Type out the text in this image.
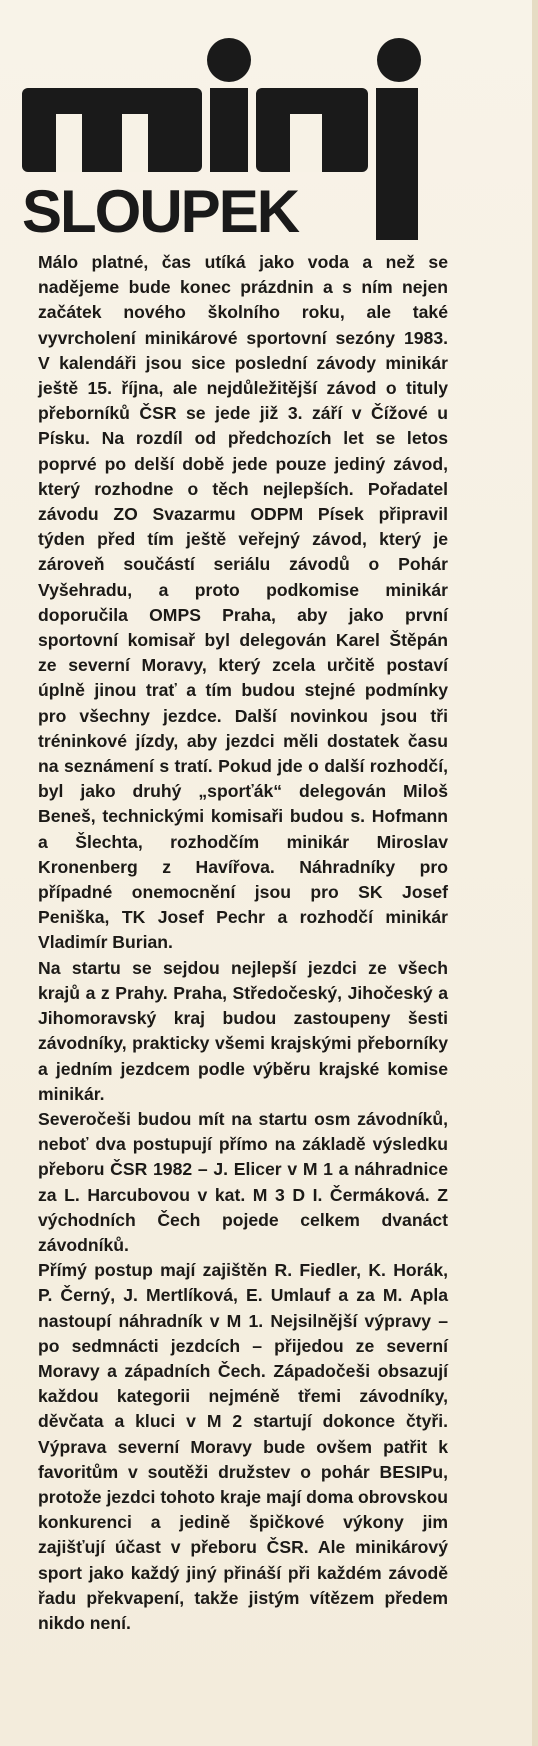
SLOUPEK

Málo platné, čas utíká jako voda a než se nadějeme bude konec prázdnin a s ním nejen začátek nového školního roku, ale také vyvrcholení minikárové sportovní sezóny 1983. V kalendáři jsou sice poslední závody minikár ještě 15. října, ale nejdůležitější závod o tituly přeborníků ČSR se jede již 3. září v Čížové u Písku. Na rozdíl od předchozích let se letos poprvé po delší době jede pouze jediný závod, který rozhodne o těch nejlepších. Pořadatel závodu ZO Svazarmu ODPM Písek připravil týden před tím ještě veřejný závod, který je zároveň součástí seriálu závodů o Pohár Vyšehradu, a proto podkomise minikár doporučila OMPS Praha, aby jako první sportovní komisař byl delegován Karel Štěpán ze severní Moravy, který zcela určitě postaví úplně jinou trať a tím budou stejné podmínky pro všechny jezdce. Další novinkou jsou tři tréninkové jízdy, aby jezdci měli dostatek času na seznámení s tratí. Pokud jde o další rozhodčí, byl jako druhý „sporťák“ delegován Miloš Beneš, technickými komisaři budou s. Hofmann a Šlechta, rozhodčím minikár Miroslav Kronenberg z Havířova. Náhradníky pro případné onemocnění jsou pro SK Josef Peniška, TK Josef Pechr a rozhodčí minikár Vladimír Burian.

Na startu se sejdou nejlepší jezdci ze všech krajů a z Prahy. Praha, Středočeský, Jihočeský a Jihomoravský kraj budou zastoupeny šesti závodníky, prakticky všemi krajskými přeborníky a jedním jezdcem podle výběru krajské komise minikár.

Severočeši budou mít na startu osm závodníků, neboť dva postupují přímo na základě výsledku přeboru ČSR 1982 – J. Elicer v M 1 a náhradnice za L. Harcubovou v kat. M 3 D I. Čermáková. Z východních Čech pojede celkem dvanáct závodníků.

Přímý postup mají zajištěn R. Fiedler, K. Horák, P. Černý, J. Mertlíková, E. Umlauf a za M. Apla nastoupí náhradník v M 1. Nejsilnější výpravy – po sedmnácti jezdcích – přijedou ze severní Moravy a západních Čech. Západočeši obsazují každou kategorii nejméně třemi závodníky, děvčata a kluci v M 2 startují dokonce čtyři. Výprava severní Moravy bude ovšem patřit k favoritům v soutěži družstev o pohár BESIPu, protože jezdci tohoto kraje mají doma obrovskou konkurenci a jedině špičkové výkony jim zajišťují účast v přeboru ČSR. Ale minikárový sport jako každý jiný přináší při každém závodě řadu překvapení, takže jistým vítězem předem nikdo není.
